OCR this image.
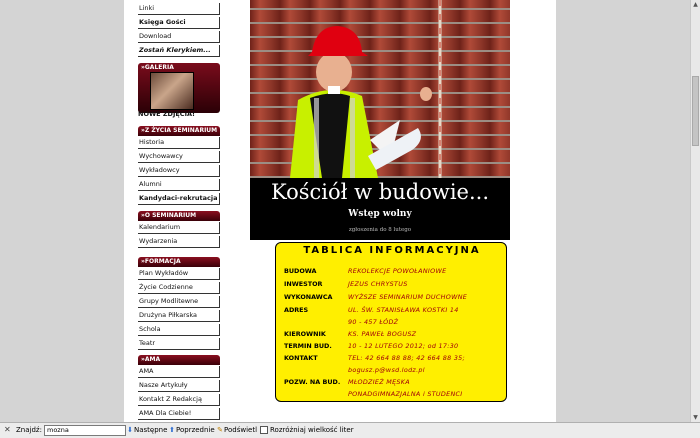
Linki
Księga Gości
Download
Zostań Klerykiem...
»GALERIA
NOWE ZDJĘCIA!
»Z ŻYCIA SEMINARIUM
Historia
Wychowawcy
Wykładowcy
Alumni
Kandydaci-rekrutacja
»O SEMINARIUM
Kalendarium
Wydarzenia
»FORMACJA
Plan Wykładów
Życie Codzienne
Grupy Modlitewne
Drużyna Piłkarska
Schola
Teatr
»AMA
AMA
Nasze Artykuły
Kontakt Z Redakcją
AMA Dla Ciebie!
Kościół w budowie...
Wstęp wolny
zgłoszenia do 8 lutego
TABLICA INFORMACYJNA
BUDOWA	REKOLEKCJE POWOŁANIOWE
INWESTOR	JEZUS CHRYSTUS
WYKONAWCA	WYŻSZE SEMINARIUM DUCHOWNE
ADRES	UL. ŚW. STANISŁAWA KOSTKI 14
90 - 457 ŁÓDŹ
KIEROWNIK	KS. PAWEŁ BOGUSZ
TERMIN BUD.	10 - 12 LUTEGO 2012; od 17:30
KONTAKT	TEL: 42 664 88 88; 42 664 88 35;
bogusz.p@wsd.lodz.pl
POZW. NA BUD.	MŁODZIEŻ MĘSKA
PONADGIMNAZJALNA i STUDENCI
▲
▼
✕ Znajdź: mozna	⬇Następne ⬆Poprzednie ✎Podświetl	Rozróżniaj wielkość liter
